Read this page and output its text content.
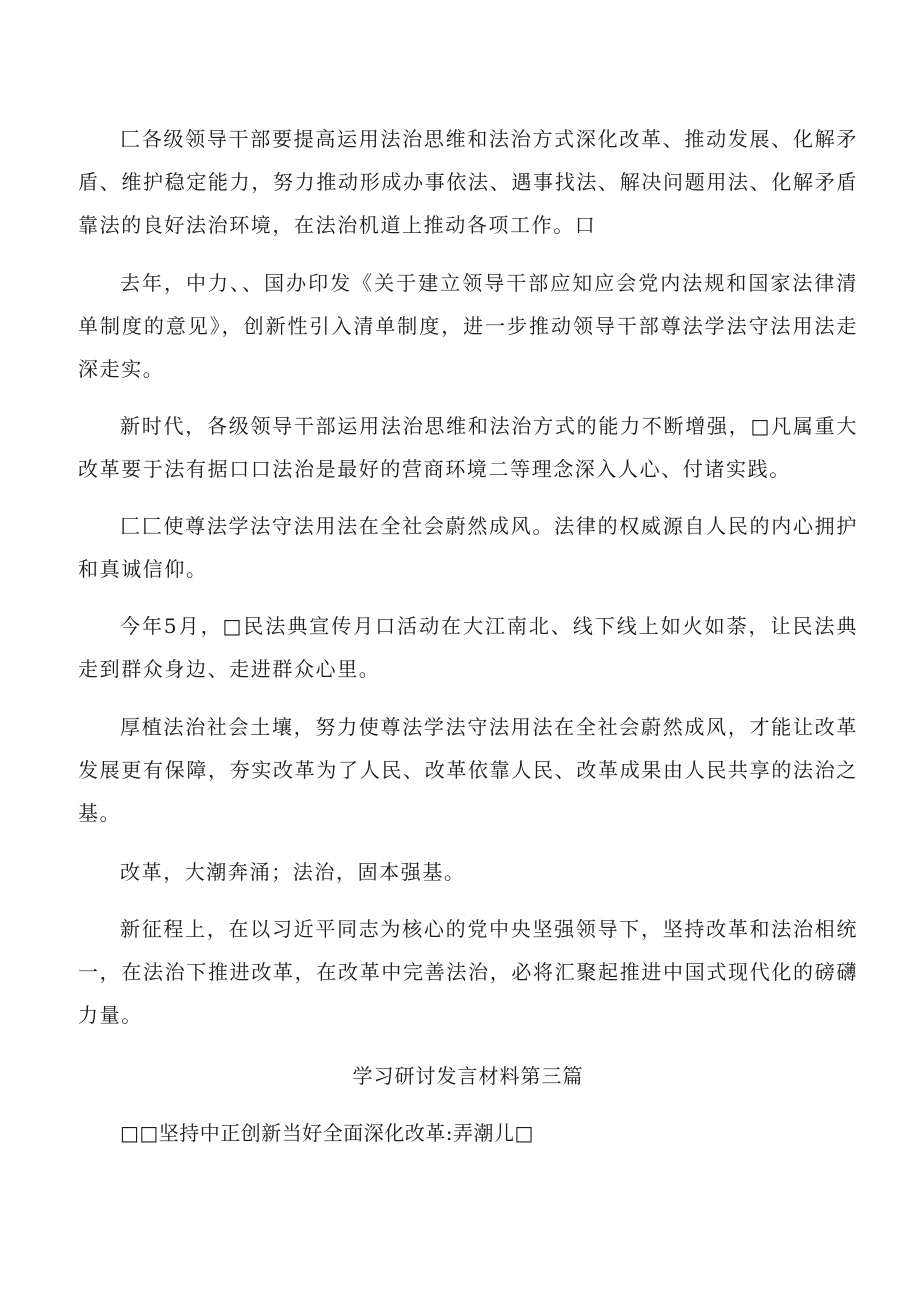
匚各级领导干部要提高运用法治思维和法治方式深化改革、推动发展、化解矛盾、维护稳定能力，努力推动形成办事依法、遇事找法、解决问题用法、化解矛盾靠法的良好法治环境，在法治机道上推动各项工作。口

去年，中力、、国办印发《关于建立领导干部应知应会党内法规和国家法律清单制度的意见》，创新性引入清单制度，进一步推动领导干部尊法学法守法用法走深走实。

新时代，各级领导干部运用法治思维和法治方式的能力不断增强，□凡属重大改革要于法有据口口法治是最好的营商环境二等理念深入人心、付诸实践。

匚匚使尊法学法守法用法在全社会蔚然成风。法律的权威源自人民的内心拥护和真诚信仰。

今年5月，□民法典宣传月口活动在大江南北、线下线上如火如荼，让民法典走到群众身边、走进群众心里。

厚植法治社会土壤，努力使尊法学法守法用法在全社会蔚然成风，才能让改革发展更有保障，夯实改革为了人民、改革依靠人民、改革成果由人民共享的法治之基。

改革，大潮奔涌；法治，固本强基。

新征程上，在以习近平同志为核心的党中央坚强领导下，坚持改革和法治相统一，在法治下推进改革，在改革中完善法治，必将汇聚起推进中国式现代化的磅礴力量。

学习研讨发言材料第三篇

□□坚持中正创新当好全面深化改革:弄潮儿□
